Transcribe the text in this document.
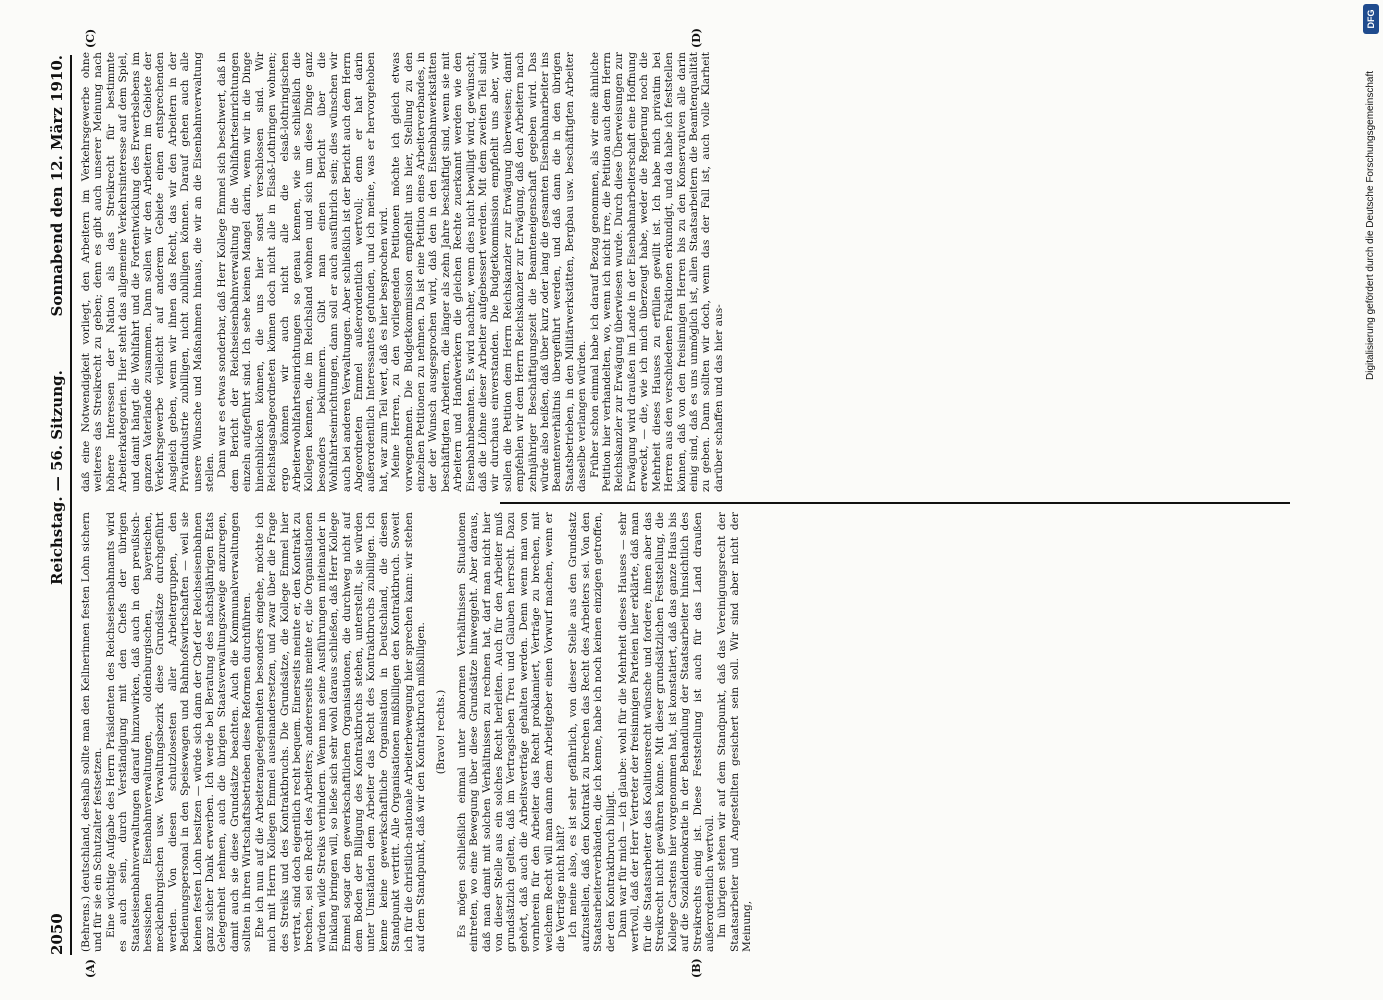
2050
Reichstag. — 56. Sitzung.
Sonnabend den 12. März 1910.
(A)	(B)
(C)	(D)

(Behrens.) deutschland, deshalb sollte man den Kellnerinnen festen Lohn sichern und für sie ein Schutzalter festsetzen. Eine wichtige Aufgabe des Herrn Präsidenten des Reichseisenbahnamts wird es auch sein, durch Verständigung mit den Chefs der übrigen Staatseisenbahnverwaltungen darauf hinzuwirken, daß auch in den preußisch-hessischen Eisenbahnverwaltungen, oldenburgischen, bayerischen, mecklenburgischen usw. Verwaltungsbezirk diese Grundsätze durchgeführt werden. Von diesen schutzlosesten aller Arbeitergruppen, den Bedienungspersonal in den Speisewagen und Bahnhofswirtschaften — weil sie keinen festen Lohn besitzen — würde sich dann der Chef der Reichseisenbahnen ganz sicher Dank erwerben. Ich werde bei Beratung des nächstjährigen Etats Gelegenheit nehmen, auch die übrigen Staatsverwaltungszweige anzuregen, damit auch sie diese Grundsätze beachten. Auch die Kommunalverwaltungen sollten in ihren Wirtschaftsbetrieben diese Reformen durchführen. Ehe ich nun auf die Arbeiterangelegenheiten besonders eingehe, möchte ich mich mit Herrn Kollegen Emmel auseinandersetzen, und zwar über die Frage des Streiks und des Kontraktbruchs. Die Grundsätze, die Kollege Emmel hier vertrat, sind doch eigentlich recht bequem. Einerseits meinte er, den Kontrakt zu brechen, sei ein Recht des Arbeiters; andererseits meinte er, die Organisationen würden wilde Streiks verhindern. Wenn man seine Ausführungen miteinander in Einklang bringen will, so ließe sich sehr wohl daraus schließen, daß Herr Kollege Emmel sogar den gewerkschaftlichen Organisationen, die durchweg nicht auf dem Boden der Billigung des Kontraktbruchs stehen, unterstellt, sie würden unter Umständen dem Arbeiter das Recht des Kontraktbruchs zubilligen. Ich kenne keine gewerkschaftliche Organisation in Deutschland, die diesen Standpunkt vertritt. Alle Organisationen mißbilligen den Kontraktbruch. Soweit ich für die christlich-nationale Arbeiterbewegung hier sprechen kann: wir stehen auf dem Standpunkt, daß wir den Kontraktbruch mißbilligen. (Bravo! rechts.) Es mögen schließlich einmal unter abnormen Verhältnissen Situationen eintreten, wo eine Bewegung über diese Grundsätze hinweggeht. Aber daraus, daß man damit mit solchen Verhältnissen zu rechnen hat, darf man nicht hier von dieser Stelle aus ein solches Recht herleiten. Auch für den Arbeiter muß grundsätzlich gelten, daß im Vertragsleben Treu und Glauben herrscht. Dazu gehört, daß auch die Arbeitsverträge gehalten werden. Denn wenn man von vornherein für den Arbeiter das Recht proklamiert, Verträge zu brechen, mit welchem Recht will man dann dem Arbeitgeber einen Vorwurf machen, wenn er die Verträge nicht hält? Ich meine also, es ist sehr gefährlich, von dieser Stelle aus den Grundsatz aufzustellen, daß den Kontrakt zu brechen das Recht des Arbeiters sei. Von den Staatsarbeiterverbänden, die ich kenne, habe ich noch keinen einzigen getroffen, der den Kontraktbruch billigt. Dann war für mich — ich glaube: wohl für die Mehrheit dieses Hauses — sehr wertvoll, daß der Herr Vertreter der freisinnigen Parteien hier erklärte, daß man für die Staatsarbeiter das Koalitionsrecht wünsche und fordere, ihnen aber das Streikrecht nicht gewähren könne. Mit dieser grundsätzlichen Feststellung, die Kollege Carstens hier vorgenommen hat, ist konstatiert, daß das ganze Haus bis auf die Sozialdemokratie in der Behandlung der Staatsarbeiter hinsichtlich des Streikrechts einig ist. Diese Feststellung ist auch für das Land draußen außerordentlich wertvoll. Im übrigen stehen wir auf dem Standpunkt, daß das Vereinigungsrecht der Staatsarbeiter und Angestellten gesichert sein soll. Wir sind aber nicht der Meinung,

daß eine Notwendigkeit vorliegt, den Arbeitern im Verkehrsgewerbe ohne weiteres das Streikrecht zu geben; denn es gibt auch unserer Meinung nach höhere Interessen der Nation als das Streikrecht für bestimmte Arbeiterkategorien. Hier steht das allgemeine Verkehrsinteresse auf dem Spiel, und damit hängt die Wohlfahrt und die Fortentwicklung des Erwerbslebens im ganzen Vaterlande zusammen. Dann sollen wir den Arbeitern im Gebiete der Verkehrsgewerbe vielleicht auf anderem Gebiete einen entsprechenden Ausgleich geben, wenn wir ihnen das Recht, das wir den Arbeitern in der Privatindustrie zubilligen, nicht zubilligen können. Darauf gehen auch alle unsere Wünsche und Maßnahmen hinaus, die wir an die Eisenbahnverwaltung stellen. Dann war es etwas sonderbar, daß Herr Kollege Emmel sich beschwert, daß in dem Bericht der Reichseisenbahnverwaltung die Wohlfahrtseinrichtungen einzeln aufgeführt sind. Ich sehe keinen Mangel darin, wenn wir in die Dinge hineinblicken können, die uns hier sonst verschlossen sind. Wir Reichstagsabgeordneten können doch nicht alle in Elsaß-Lothringen wohnen; ergo können wir auch nicht alle die elsaß-lothringischen Arbeiterwohlfahrtseinrichtungen so genau kennen, wie sie schließlich die Kollegen kennen, die im Reichsland wohnen und sich um diese Dinge ganz besonders bekümmern. Gibt man einen Bericht über die Wohlfahrtseinrichtungen, dann soll er auch ausführlich sein; dies wünschen wir auch bei anderen Verwaltungen. Aber schließlich ist der Bericht auch dem Herrn Abgeordneten Emmel außerordentlich wertvoll; denn er hat darin außerordentlich Interessantes gefunden, und ich meine, was er hervorgehoben hat, war zum Teil wert, daß es hier besprochen wird. Meine Herren, zu den vorliegenden Petitionen möchte ich gleich etwas vorwegnehmen. Die Budgetkommission empfiehlt uns hier, Stellung zu den einzelnen Petitionen zu nehmen. Da ist eine Petition eines Arbeiterverbandes, in der der Wunsch ausgesprochen wird, daß den in den Eisenbahnwerkstätten beschäftigten Arbeitern, die länger als zehn Jahre beschäftigt sind, wenn sie mit Arbeitern und Handwerkern die gleichen Rechte zuerkannt werden wie den Eisenbahnbeamten. Es wird nachher, wenn dies nicht bewilligt wird, gewünscht, daß die Löhne dieser Arbeiter aufgebessert werden. Mit dem zweiten Teil sind wir durchaus einverstanden. Die Budgetkommission empfiehlt uns aber, wir sollen die Petition dem Herrn Reichskanzler zur Erwägung überweisen; damit empfehlen wir dem Herrn Reichskanzler zur Erwägung, daß den Arbeitern nach zehnjähriger Beschäftigungszeit die Beamteneigenschaft gegeben wird. Das würde also heißen, daß über kurz oder lang die gesamten Eisenbahnarbeiter ins Beamtenverhältnis übergeführt werden, und daß dann die in den übrigen Staatsbetrieben, in den Militärwerkstätten, Bergbau usw. beschäftigten Arbeiter dasselbe verlangen würden. Früher schon einmal habe ich darauf Bezug genommen, als wir eine ähnliche Petition hier verhandelten, wo, wenn ich nicht irre, die Petition auch dem Herrn Reichskanzler zur Erwägung überwiesen wurde. Durch diese Überweisungen zur Erwägung wird draußen im Lande in der Eisenbahnarbeiterschaft eine Hoffnung erweckt, — die, wie ich mich überzeugt habe, weder die Regierung noch die Mehrheit dieses Hauses zu erfüllen gewillt ist. Ich habe mich privatim bei Herren aus den verschiedenen Fraktionen erkundigt, und da habe ich feststellen können, daß von den freisinnigen Herren bis zu den Konservativen alle darin einig sind, daß es uns unmöglich ist, allen Staatsarbeitern die Beamtenqualität zu geben. Dann sollten wir doch, wenn das der Fall ist, auch volle Klarheit darüber schaffen und das hier aus-

Digitalisierung gefördert durch die Deutsche Forschungsgemeinschaft
DFG
